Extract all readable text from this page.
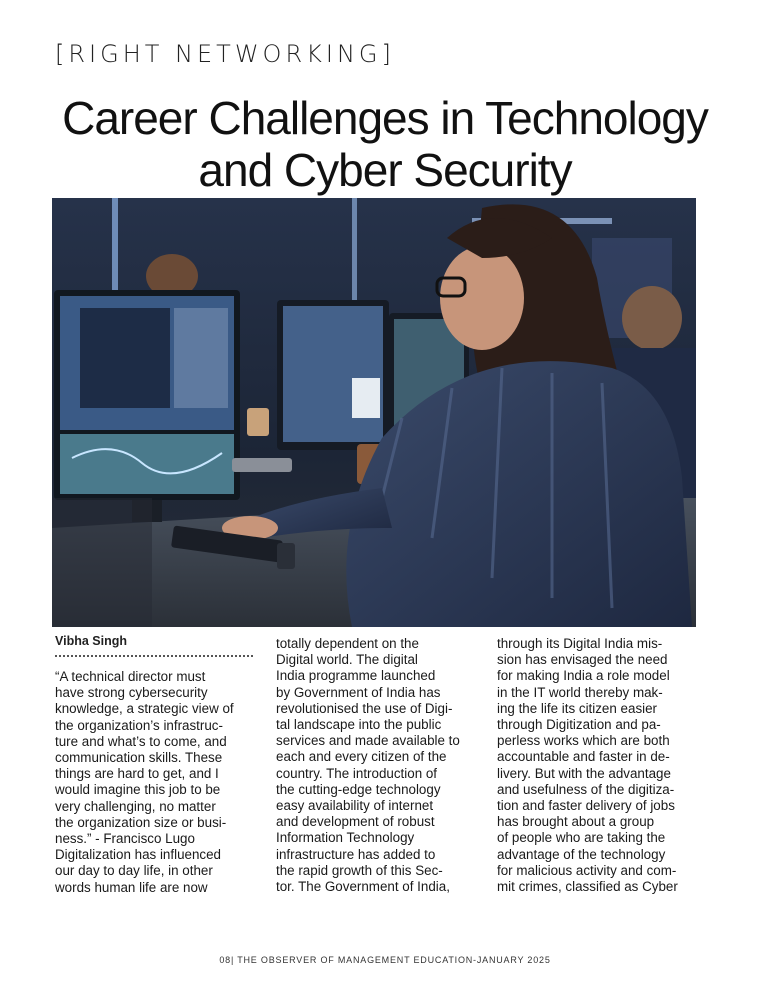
[RIGHT NETWORKING]
Career Challenges in Technology
and Cyber Security
Vibha Singh
“A technical director must
have strong cybersecurity
knowledge, a strategic view of
the organization’s infrastruc-
ture and what’s to come, and
communication skills. These
things are hard to get, and I
would imagine this job to be
very challenging, no matter
the organization size or busi-
ness.” - Francisco Lugo
Digitalization has influenced
our day to day life, in other
words human life are now
totally dependent on the
Digital world. The digital
India programme launched
by Government of India has
revolutionised the use of Digi-
tal landscape into the public
services and made available to
each and every citizen of the
country. The introduction of
the cutting-edge technology
easy availability of internet
and development of robust
Information Technology
infrastructure has added to
the rapid growth of this Sec-
tor. The Government of India,
through its Digital India mis-
sion has envisaged the need
for making India a role model
in the IT world thereby mak-
ing the life its citizen easier
through Digitization and pa-
perless works which are both
accountable and faster in de-
livery. But with the advantage
and usefulness of the digitiza-
tion and faster delivery of jobs
has brought about a group
of people who are taking the
advantage of the technology
for malicious activity and com-
mit crimes, classified as Cyber
08| THE OBSERVER OF MANAGEMENT EDUCATION-JANUARY 2025
